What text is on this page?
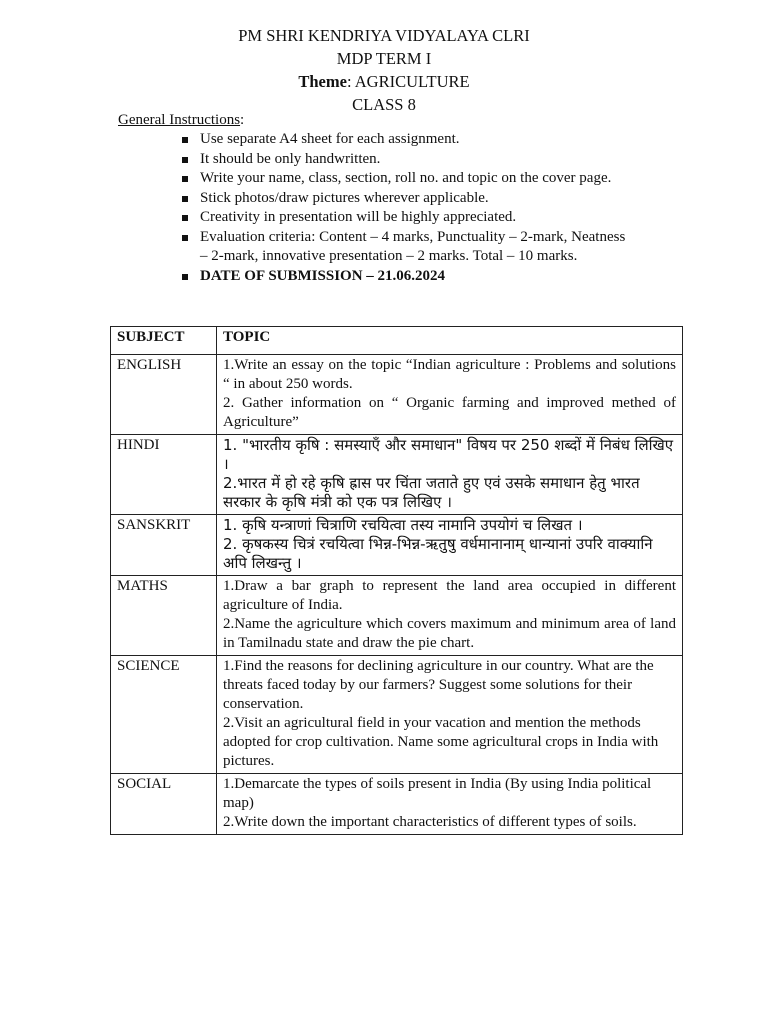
PM SHRI KENDRIYA VIDYALAYA CLRI
MDP TERM I
Theme: AGRICULTURE
CLASS 8
General Instructions:
Use separate A4 sheet for each assignment.
It should be only handwritten.
Write your name, class, section, roll no. and topic on the cover page.
Stick photos/draw pictures wherever applicable.
Creativity in presentation will be highly appreciated.
Evaluation criteria: Content – 4 marks, Punctuality – 2-mark, Neatness – 2-mark, innovative presentation – 2 marks. Total – 10 marks.
DATE OF SUBMISSION – 21.06.2024
SUBJECT	TOPIC
ENGLISH	1.Write an essay on the topic “Indian agriculture : Problems and solutions “ in about 250 words.

2. Gather information on “ Organic farming and improved methed of Agriculture”

HINDI	1. "भारतीय कृषि : समस्याएँ और समाधान" विषय पर 250 शब्दों में निबंध लिखिए ।

2.भारत में हो रहे कृषि ह्रास पर चिंता जताते हुए एवं उसके समाधान हेतु भारत सरकार के कृषि मंत्री को एक पत्र लिखिए ।

SANSKRIT	1. कृषि यन्त्राणां चित्राणि रचयित्वा तस्य नामानि उपयोगं च लिखत ।

2. कृषकस्य चित्रं रचयित्वा भिन्न-भिन्न-ऋतुषु वर्धमानानाम् धान्यानां उपरि वाक्यानि अपि लिखन्तु ।

MATHS	1.Draw a bar graph to represent the land area occupied in different agriculture of India.

2.Name the agriculture which covers maximum and minimum area of land in Tamilnadu state and draw the pie chart.

SCIENCE	1.Find the reasons for declining agriculture in our country. What are the threats faced today by our farmers? Suggest some solutions for their conservation.

2.Visit an agricultural field in your vacation and mention the methods adopted for crop cultivation. Name some agricultural crops in India with pictures.

SOCIAL	1.Demarcate the types of soils present in India (By using India political map)

2.Write down the important characteristics of different types of soils.
